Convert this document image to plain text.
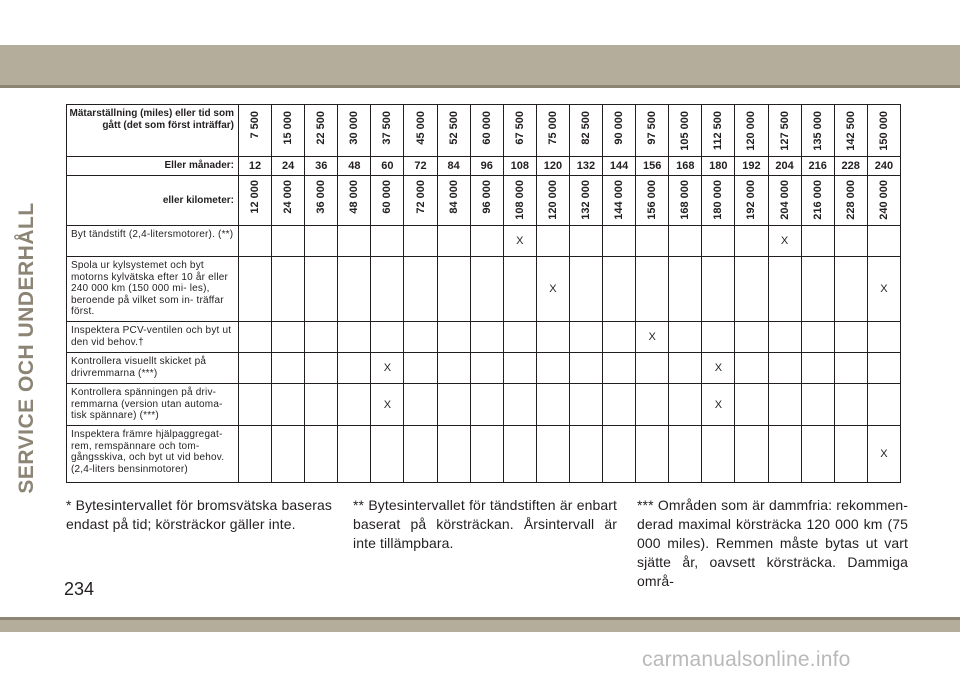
SERVICE OCH UNDERHÅLL
Mätarställning (miles) eller tid som gått (det som först inträffar)	7 500	15 000	22 500	30 000	37 500	45 000	52 500	60 000	67 500	75 000	82 500	90 000	97 500	105 000	112 500	120 000	127 500	135 000	142 500	150 000

Eller månader:	12	24	36	48	60	72	84	96	108	120	132	144	156	168	180	192	204	216	228	240
eller kilometer:	12 000	24 000	36 000	48 000	60 000	72 000	84 000	96 000	108 000	120 000	132 000	144 000	156 000	168 000	180 000	192 000	204 000	216 000	228 000	240 000

Byt tändstift (2,4-litersmotorer). (**)									X								X			
Spola ur kylsystemet och byt motorns kylvätska efter 10 år eller 240 000 km (150 000 mi- les), beroende på vilket som in- träffar först.										X										X
Inspektera PCV-ventilen och byt ut den vid behov.†													X							
Kontrollera visuellt skicket på drivremmarna (***)					X										X					
Kontrollera spänningen på driv- remmarna (version utan automa- tisk spännare) (***)					X										X					
Inspektera främre hjälpaggregat- rem, remspännare och tom- gångsskiva, och byt ut vid behov. (2,4-liters bensinmotorer)																				X
* Bytesintervallet för bromsvätska baseras endast på tid; körsträckor gäller inte.
** Bytesintervallet för tändstiften är enbart baserat på körsträckan. Årsintervall är inte tillämpbara.
*** Områden som är dammfria: rekommen- derad maximal körsträcka 120 000 km (75 000 miles). Remmen måste bytas ut vart sjätte år, oavsett körsträcka. Dammiga områ-
234
carmanualsonline.info
